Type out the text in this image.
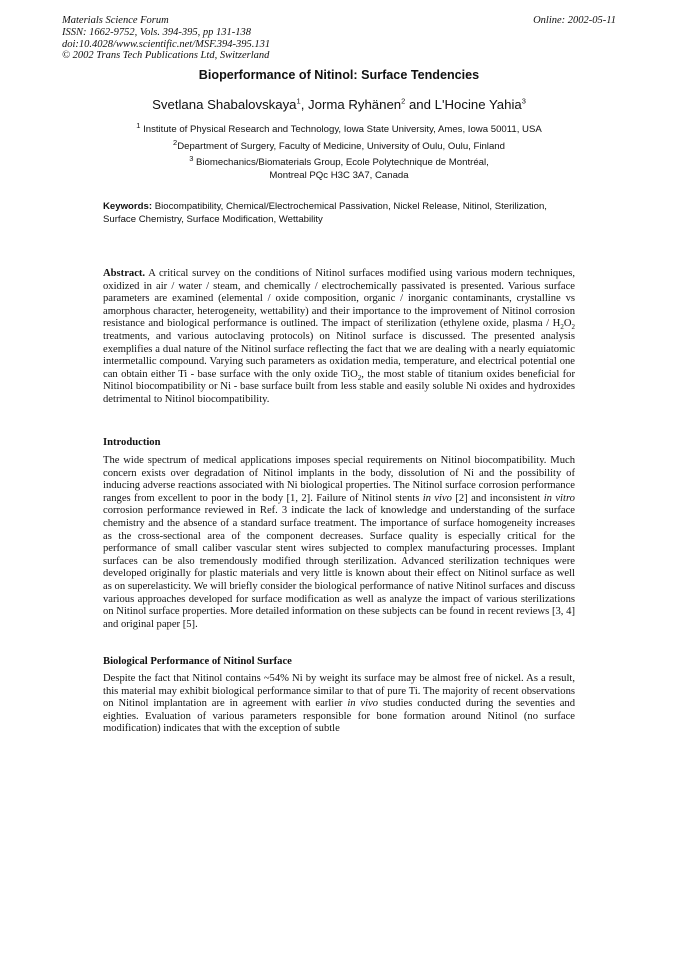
Materials Science Forum
ISSN: 1662-9752, Vols. 394-395, pp 131-138
doi:10.4028/www.scientific.net/MSF.394-395.131
© 2002 Trans Tech Publications Ltd, Switzerland
Online: 2002-05-11
Bioperformance of Nitinol: Surface Tendencies
Svetlana Shabalovskaya$^1$, Jorma Ryhänen$^2$ and L'Hocine Yahia$^3$
$^1$ Institute of Physical Research and Technology, Iowa State University, Ames, Iowa 50011, USA
$^2$Department of Surgery, Faculty of Medicine, University of Oulu, Oulu, Finland
$^3$ Biomechanics/Biomaterials Group, Ecole Polytechnique de Montréal,
Montreal PQc H3C 3A7, Canada
Keywords: Biocompatibility, Chemical/Electrochemical Passivation, Nickel Release, Nitinol, Sterilization, Surface Chemistry, Surface Modification, Wettability
Abstract. A critical survey on the conditions of Nitinol surfaces modified using various modern techniques, oxidized in air / water / steam, and chemically / electrochemically passivated is presented. Various surface parameters are examined (elemental / oxide composition, organic / inorganic contaminants, crystalline vs amorphous character, heterogeneity, wettability) and their importance to the improvement of Nitinol corrosion resistance and biological performance is outlined. The impact of sterilization (ethylene oxide, plasma / $H_2O_2$ treatments, and various autoclaving protocols) on Nitinol surface is discussed. The presented analysis exemplifies a dual nature of the Nitinol surface reflecting the fact that we are dealing with a nearly equiatomic intermetallic compound. Varying such parameters as oxidation media, temperature, and electrical potential one can obtain either Ti - base surface with the only oxide TiO$_2$, the most stable of titanium oxides beneficial for Nitinol biocompatibility or Ni - base surface built from less stable and easily soluble Ni oxides and hydroxides detrimental to Nitinol biocompatibility.
Introduction
The wide spectrum of medical applications imposes special requirements on Nitinol biocompatibility. Much concern exists over degradation of Nitinol implants in the body, dissolution of Ni and the possibility of inducing adverse reactions associated with Ni biological properties. The Nitinol surface corrosion performance ranges from excellent to poor in the body [1, 2]. Failure of Nitinol stents in vivo [2] and inconsistent in vitro corrosion performance reviewed in Ref. 3 indicate the lack of knowledge and understanding of the surface chemistry and the absence of a standard surface treatment. The importance of surface homogeneity increases as the cross-sectional area of the component decreases. Surface quality is especially critical for the performance of small caliber vascular stent wires subjected to complex manufacturing processes. Implant surfaces can be also tremendously modified through sterilization. Advanced sterilization techniques were developed originally for plastic materials and very little is known about their effect on Nitinol surface as well as on superelasticity. We will briefly consider the biological performance of native Nitinol surfaces and discuss various approaches developed for surface modification as well as analyze the impact of various sterilizations on Nitinol surface properties. More detailed information on these subjects can be found in recent reviews [3, 4] and original paper [5].
Biological Performance of Nitinol Surface
Despite the fact that Nitinol contains ~54% Ni by weight its surface may be almost free of nickel. As a result, this material may exhibit biological performance similar to that of pure Ti. The majority of recent observations on Nitinol implantation are in agreement with earlier in vivo studies conducted during the seventies and eighties. Evaluation of various parameters responsible for bone formation around Nitinol (no surface modification) indicates that with the exception of subtle
